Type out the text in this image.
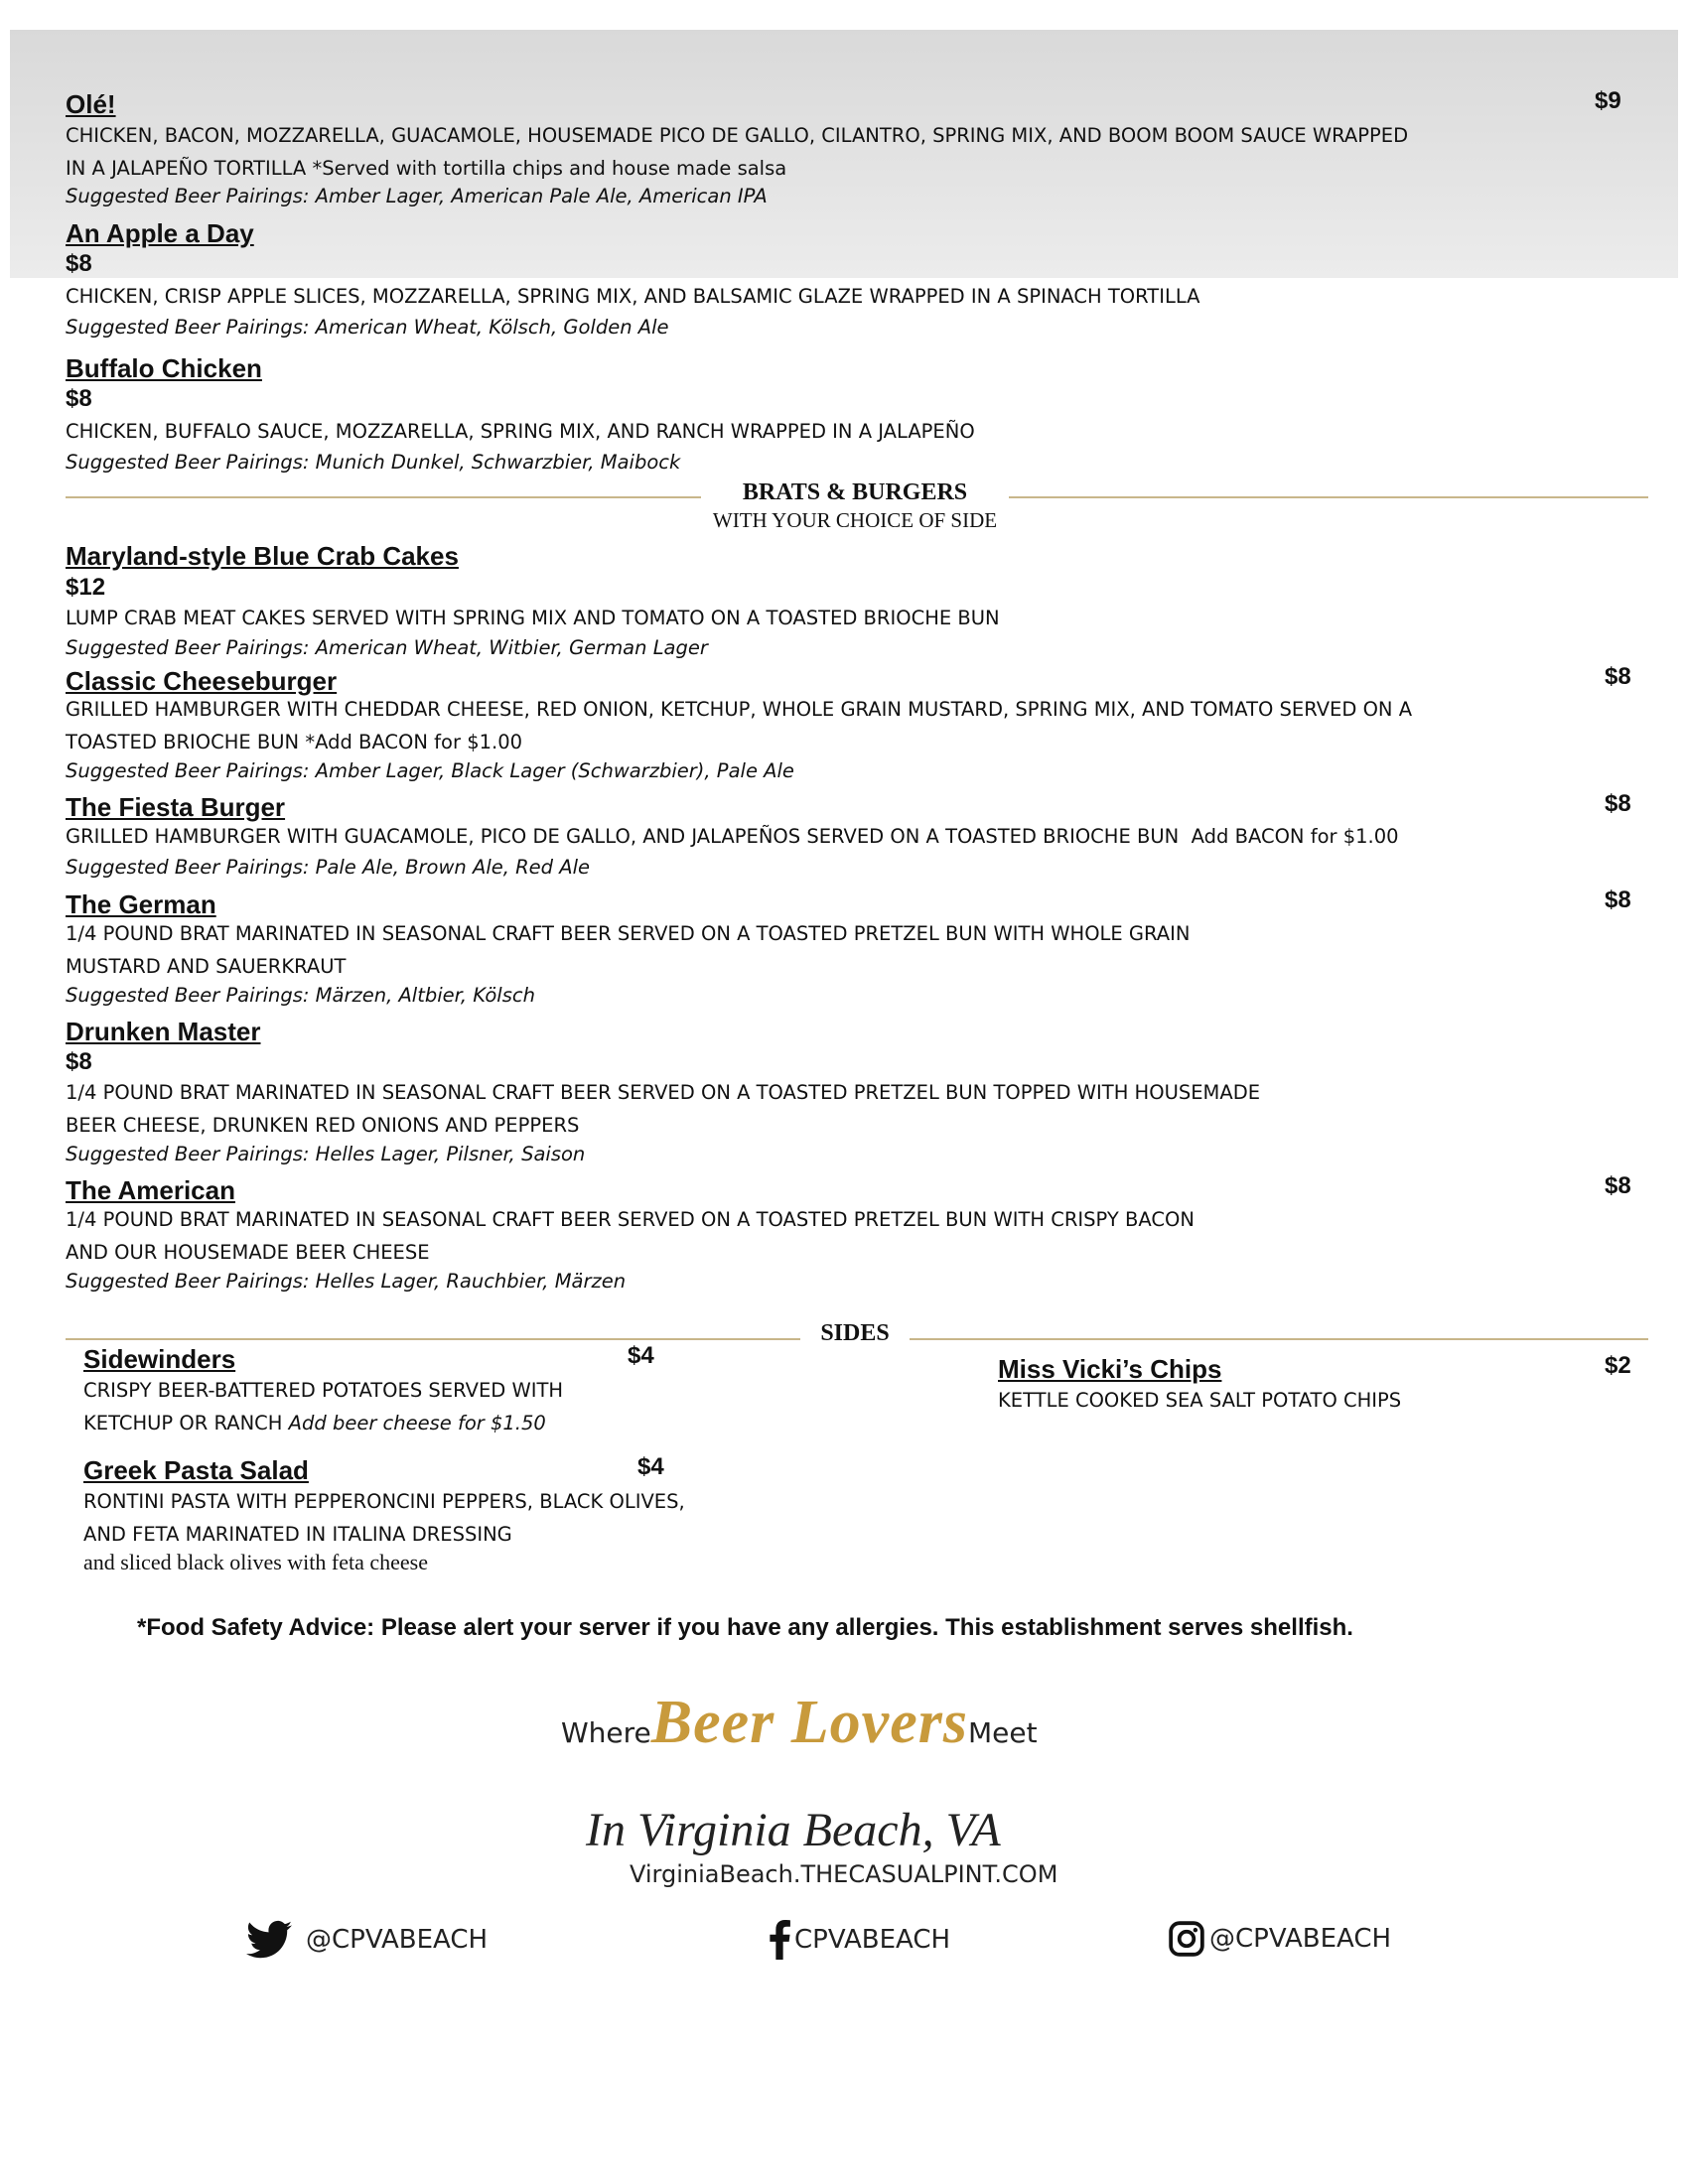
Olé!	$9
CHICKEN, BACON, MOZZARELLA, GUACAMOLE, HOUSEMADE PICO DE GALLO, CILANTRO, SPRING MIX, AND BOOM BOOM SAUCE WRAPPED
IN A JALAPEÑO TORTILLA *Served with tortilla chips and house made salsa
Suggested Beer Pairings: Amber Lager, American Pale Ale, American IPA
An Apple a Day
$8
CHICKEN, CRISP APPLE SLICES, MOZZARELLA, SPRING MIX, AND BALSAMIC GLAZE WRAPPED IN A SPINACH TORTILLA
Suggested Beer Pairings: American Wheat, Kölsch, Golden Ale
Buffalo Chicken
$8
CHICKEN, BUFFALO SAUCE, MOZZARELLA, SPRING MIX, AND RANCH WRAPPED IN A JALAPEÑO
Suggested Beer Pairings: Munich Dunkel, Schwarzbier, Maibock
BRATS & BURGERS
WITH YOUR CHOICE OF SIDE
Maryland-style Blue Crab Cakes
$12
LUMP CRAB MEAT CAKES SERVED WITH SPRING MIX AND TOMATO ON A TOASTED BRIOCHE BUN
Suggested Beer Pairings: American Wheat, Witbier, German Lager
Classic Cheeseburger	$8
GRILLED HAMBURGER WITH CHEDDAR CHEESE, RED ONION, KETCHUP, WHOLE GRAIN MUSTARD, SPRING MIX, AND TOMATO SERVED ON A
TOASTED BRIOCHE BUN *Add BACON for $1.00
Suggested Beer Pairings: Amber Lager, Black Lager (Schwarzbier), Pale Ale
The Fiesta Burger	$8
GRILLED HAMBURGER WITH GUACAMOLE, PICO DE GALLO, AND JALAPEÑOS SERVED ON A TOASTED BRIOCHE BUN Add BACON for $1.00
Suggested Beer Pairings: Pale Ale, Brown Ale, Red Ale
The German	$8
1/4 POUND BRAT MARINATED IN SEASONAL CRAFT BEER SERVED ON A TOASTED PRETZEL BUN WITH WHOLE GRAIN
MUSTARD AND SAUERKRAUT
Suggested Beer Pairings: Märzen, Altbier, Kölsch
Drunken Master
$8
1/4 POUND BRAT MARINATED IN SEASONAL CRAFT BEER SERVED ON A TOASTED PRETZEL BUN TOPPED WITH HOUSEMADE
BEER CHEESE, DRUNKEN RED ONIONS AND PEPPERS
Suggested Beer Pairings: Helles Lager, Pilsner, Saison
The American	$8
1/4 POUND BRAT MARINATED IN SEASONAL CRAFT BEER SERVED ON A TOASTED PRETZEL BUN WITH CRISPY BACON
AND OUR HOUSEMADE BEER CHEESE
Suggested Beer Pairings: Helles Lager, Rauchbier, Märzen
SIDES
Sidewinders	$4
CRISPY BEER-BATTERED POTATOES SERVED WITH
KETCHUP OR RANCH Add beer cheese for $1.50
Miss Vicki’s Chips	$2
KETTLE COOKED SEA SALT POTATO CHIPS
Greek Pasta Salad	$4
RONTINI PASTA WITH PEPPERONCINI PEPPERS, BLACK OLIVES,
AND FETA MARINATED IN ITALINA DRESSING
and sliced black olives with feta cheese
*Food Safety Advice: Please alert your server if you have any allergies. This establishment serves shellfish.
WhereBeer LoversMeet
In Virginia Beach, VA
VirginiaBeach.THECASUALPINT.COM
@CPVABEACH	CPVABEACH	@CPVABEACH
